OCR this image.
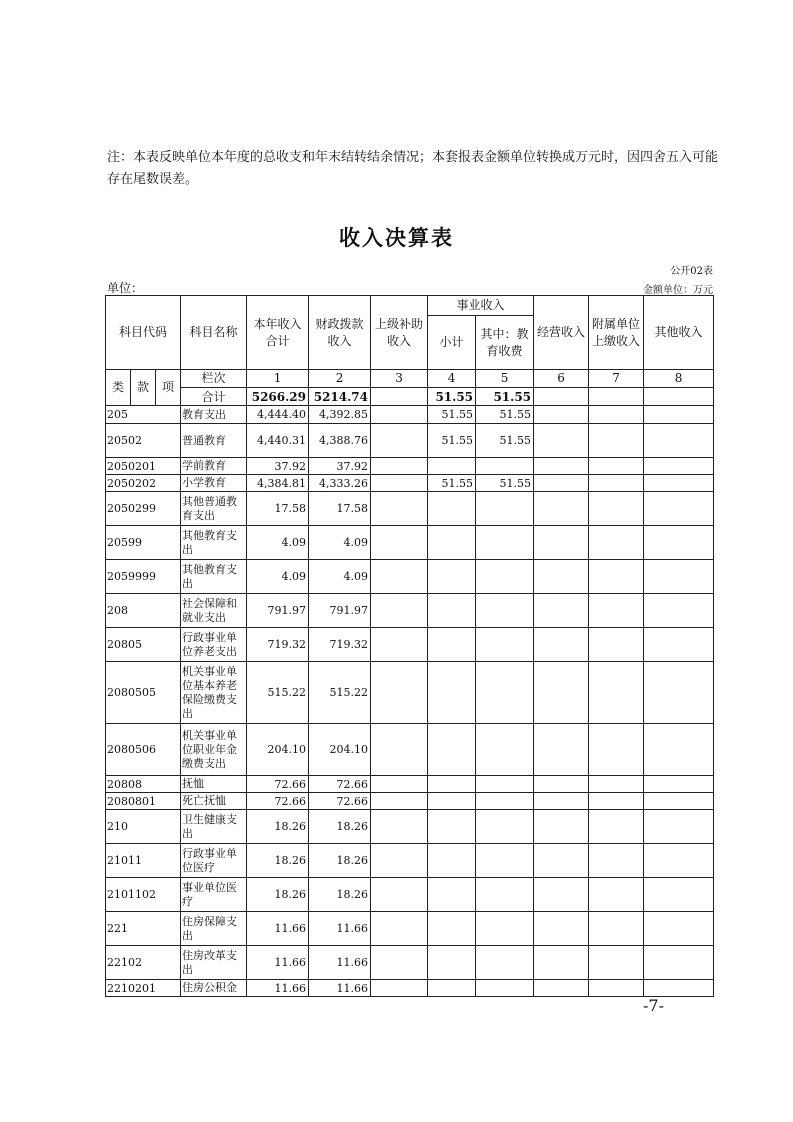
注：本表反映单位本年度的总收支和年末结转结余情况；本套报表金额单位转换成万元时，因四舍五入可能存在尾数误差。
收入决算表
公开02表
单位：	金额单位：万元
科目代码			科目名称	本年收入合计	财政拨款收入	上级补助收入	事业收入		经营收入	附属单位上缴收入	其他收入
							小计	其中：教育收费			
类	款	项	栏次	1	2	3	4	5	6	7	8
			合计	5266.29	5214.74		51.55	51.55			
205			教育支出	4,444.40	4,392.85		51.55	51.55			
20502			普通教育	4,440.31	4,388.76		51.55	51.55			
2050201			学前教育	37.92	37.92						
2050202			小学教育	4,384.81	4,333.26		51.55	51.55			
2050299			其他普通教育支出	17.58	17.58						
20599			其他教育支出	4.09	4.09						
2059999			其他教育支出	4.09	4.09						
208			社会保障和就业支出	791.97	791.97						
20805			行政事业单位养老支出	719.32	719.32						
2080505			机关事业单位基本养老保险缴费支出	515.22	515.22						
2080506			机关事业单位职业年金缴费支出	204.10	204.10						
20808			抚恤	72.66	72.66						
2080801			死亡抚恤	72.66	72.66						
210			卫生健康支出	18.26	18.26						
21011			行政事业单位医疗	18.26	18.26						
2101102			事业单位医疗	18.26	18.26						
221			住房保障支出	11.66	11.66						
22102			住房改革支出	11.66	11.66						
2210201			住房公积金	11.66	11.66						
-7-
